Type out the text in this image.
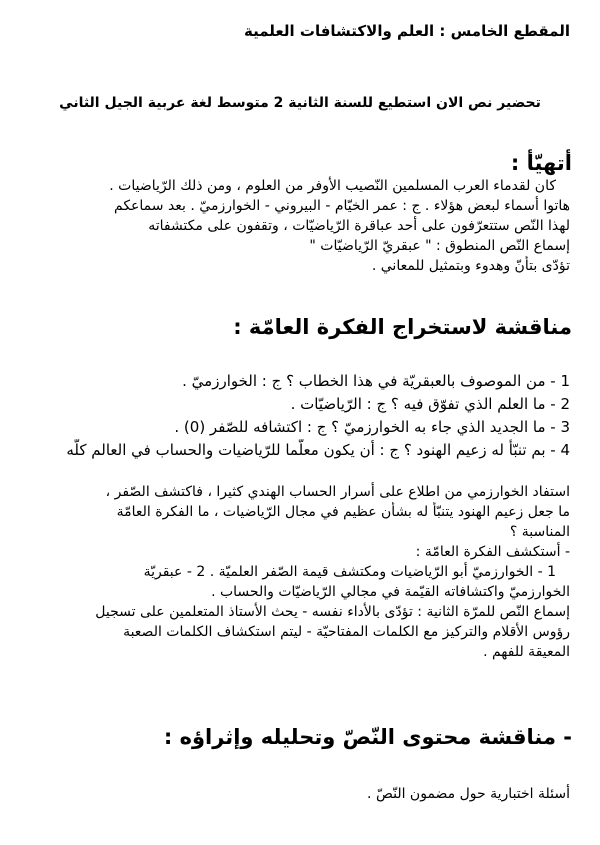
المقطع الخامس : العلم والاكتشافات العلمية
تحضير نص الان استطيع للسنة الثانية 2 متوسط لغة عربية الجيل الثاني
أتهيّأ :
كان لقدماء العرب المسلمين النّصيب الأوفر من العلوم ، ومن ذلك الرّياضيات .
هاتوا أسماء لبعض هؤلاء . ج : عمر الخيّام - البيروني - الخوارزميّ . بعد سماعكم
لهذا النّص ستتعرّفون على أحد عباقرة الرّياضيّات ، وتقفون على مكتشفاته
إسماع النّص المنطوق : " عبقريّ الرّياضيّات "
تؤدّى بتأنّ وهدوء وبتمثيل للمعاني .
مناقشة لاستخراج الفكرة العامّة :
1 - من الموصوف بالعبقريّة في هذا الخطاب ؟ ج : الخوارزميّ .
2 - ما العلم الذي تفوّق فيه ؟ ج : الرّياضيّات .
3 - ما الجديد الذي جاء به الخوارزميّ ؟ ج : اكتشافه للصّفر (0) .
4 - بم تنبّأ له زعيم الهنود ؟ ج : أن يكون معلّما للرّياضيات والحساب في العالم كلّه
استفاد الخوارزمي من اطلاع على أسرار الحساب الهندي كثيرا ، فاكتشف الصّفر ،
ما جعل زعيم الهنود يتنبّأ له بشأن عظيم في مجال الرّياضيات ، ما الفكرة العامّة
المناسبة ؟
- أستكشف الفكرة العامّة :
1 - الخوارزميّ أبو الرّياضيات ومكتشف قيمة الصّفر العلميّة . 2 - عبقريّة
الخوارزميّ واكتشافاته القيّمة في مجالي الرّياضيّات والحساب .
إسماع النّص للمرّة الثانية : تؤدّى بالأداء نفسه - يحث الأستاذ المتعلمين على تسجيل
رؤوس الأقلام والتركيز مع الكلمات المفتاحيّة - ليتم استكشاف الكلمات الصعبة
المعيقة للفهم .
- مناقشة محتوى النّصّ وتحليله وإثراؤه :
أسئلة اختبارية حول مضمون النّصّ .
